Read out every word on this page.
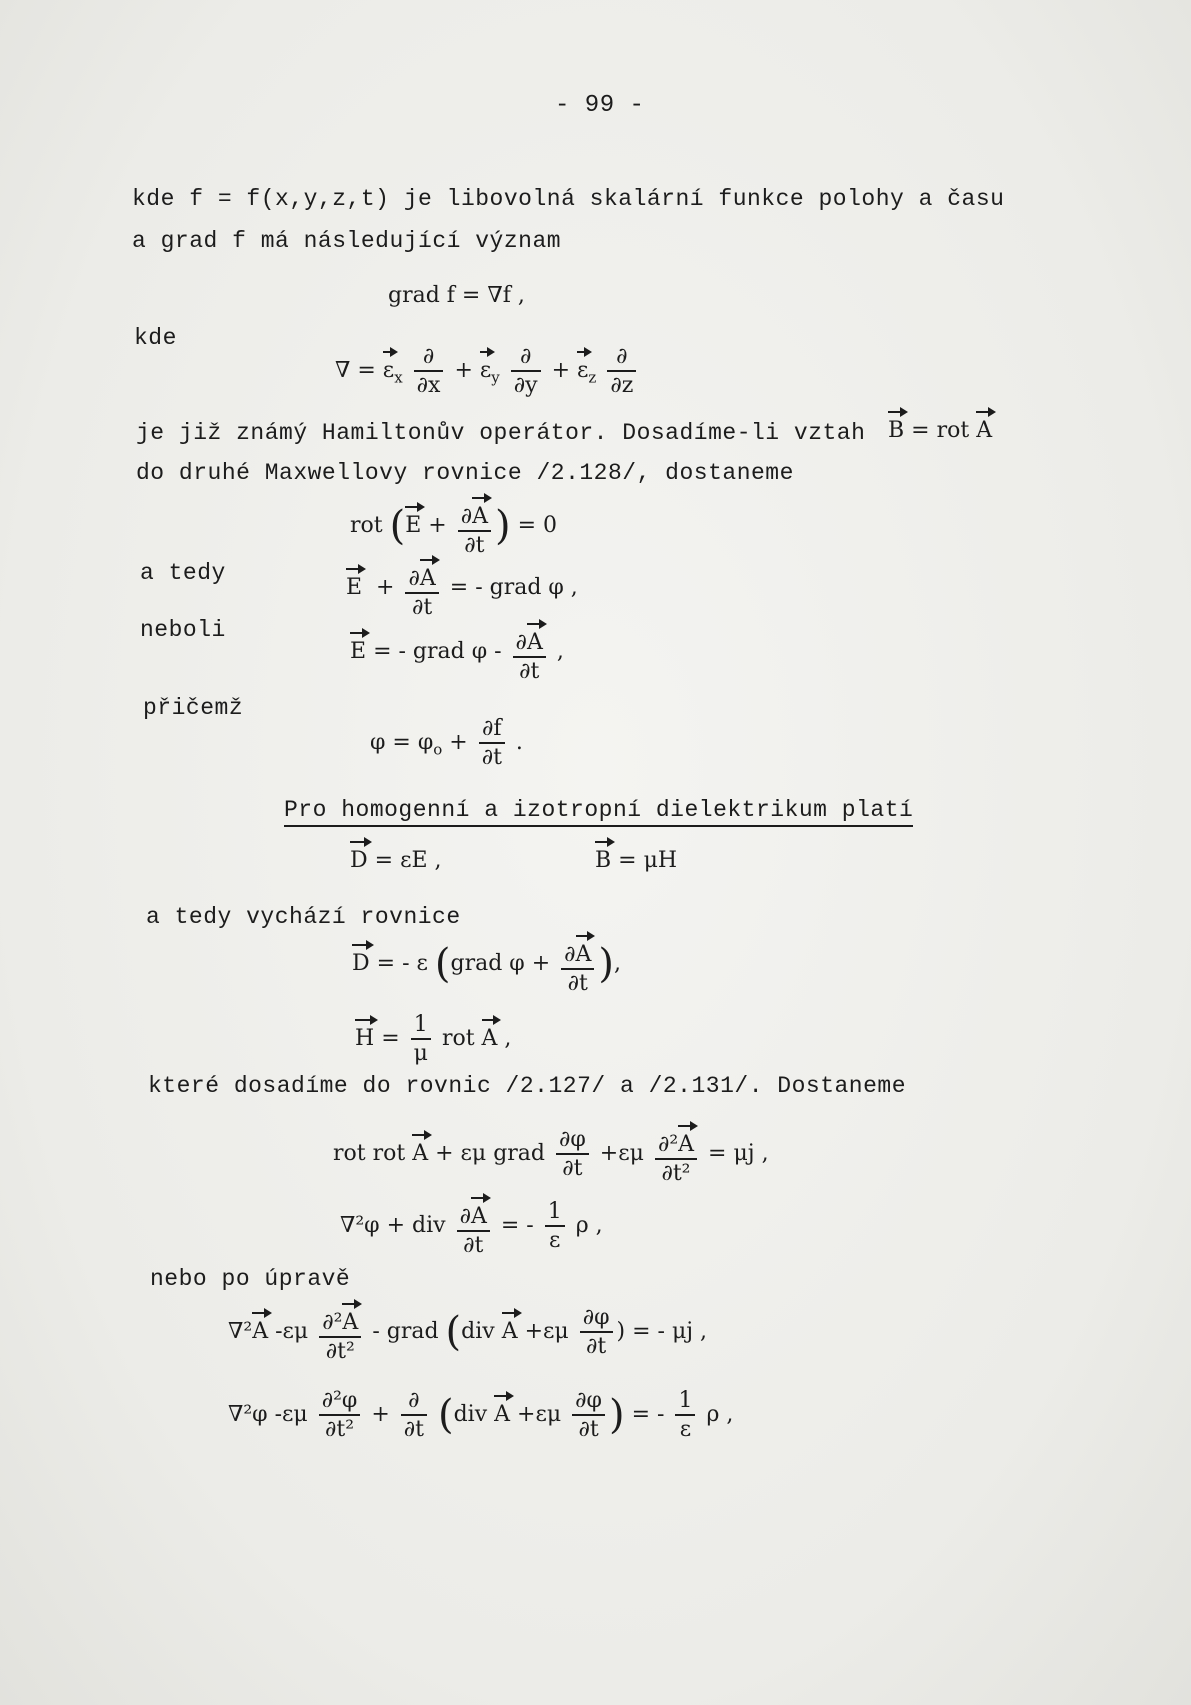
- 99 -
kde f = f(x,y,z,t) je libovolná skalární funkce polohy a času
a grad f má následující význam
grad f = ∇f ,
kde
∇ = $\varepsilon_x \frac{\partial}{\partial x} + \varepsilon_y \frac{\partial}{\partial y} + \varepsilon_z \frac{\partial}{\partial z}$
je již známý Hamiltonův operátor. Dosadíme-li vztah B = rot A
do druhé Maxwellovy rovnice /2.128/, dostaneme
rot ($E + \frac{\partial A}{\partial t}$ ) = 0
a tedy
$E + \frac{\partial A}{\partial t}$ = - grad φ ,
neboli
E = - grad φ - $\frac{\partial A}{\partial t}$ ,
přičemž
$\varphi = \varphi_o + \frac{\partial f}{\partial t}$ .
Pro homogenní a izotropní dielektrikum platí
D = εE ,	B = μH
a tedy vychází rovnice
D = - ε (grad $\varphi + \frac{\partial A}{\partial t}$ ),
$H = \frac{1}{\mu}$ rot A ,
které dosadíme do rovnic /2.127/ a /2.131/. Dostaneme
rot rot A + εμ grad $\frac{\partial\varphi}{\partial t} +\varepsilon\mu \frac{\text{∂²A}}{\text{∂t²}} = \mu j$ ,
∇²φ + div $\frac{\partial A}{\partial t}$ = - $\frac{1}{\varepsilon}$ ρ ,
nebo po úpravě
∇²A $-\varepsilon\mu \frac{\text{∂²A}}{\text{∂t²}}$ - grad (div $A +\varepsilon\mu \frac{\partial\varphi}{\partial t}$ ) = - μj ,
∇²φ $-\varepsilon\mu \frac{\text{∂²φ}}{\text{∂t²}} + \frac{\partial}{\partial t} (div$ $A +\varepsilon\mu \frac{\partial\varphi}{\partial t}$ ) = - $\frac{1}{\varepsilon}$ ρ ,
